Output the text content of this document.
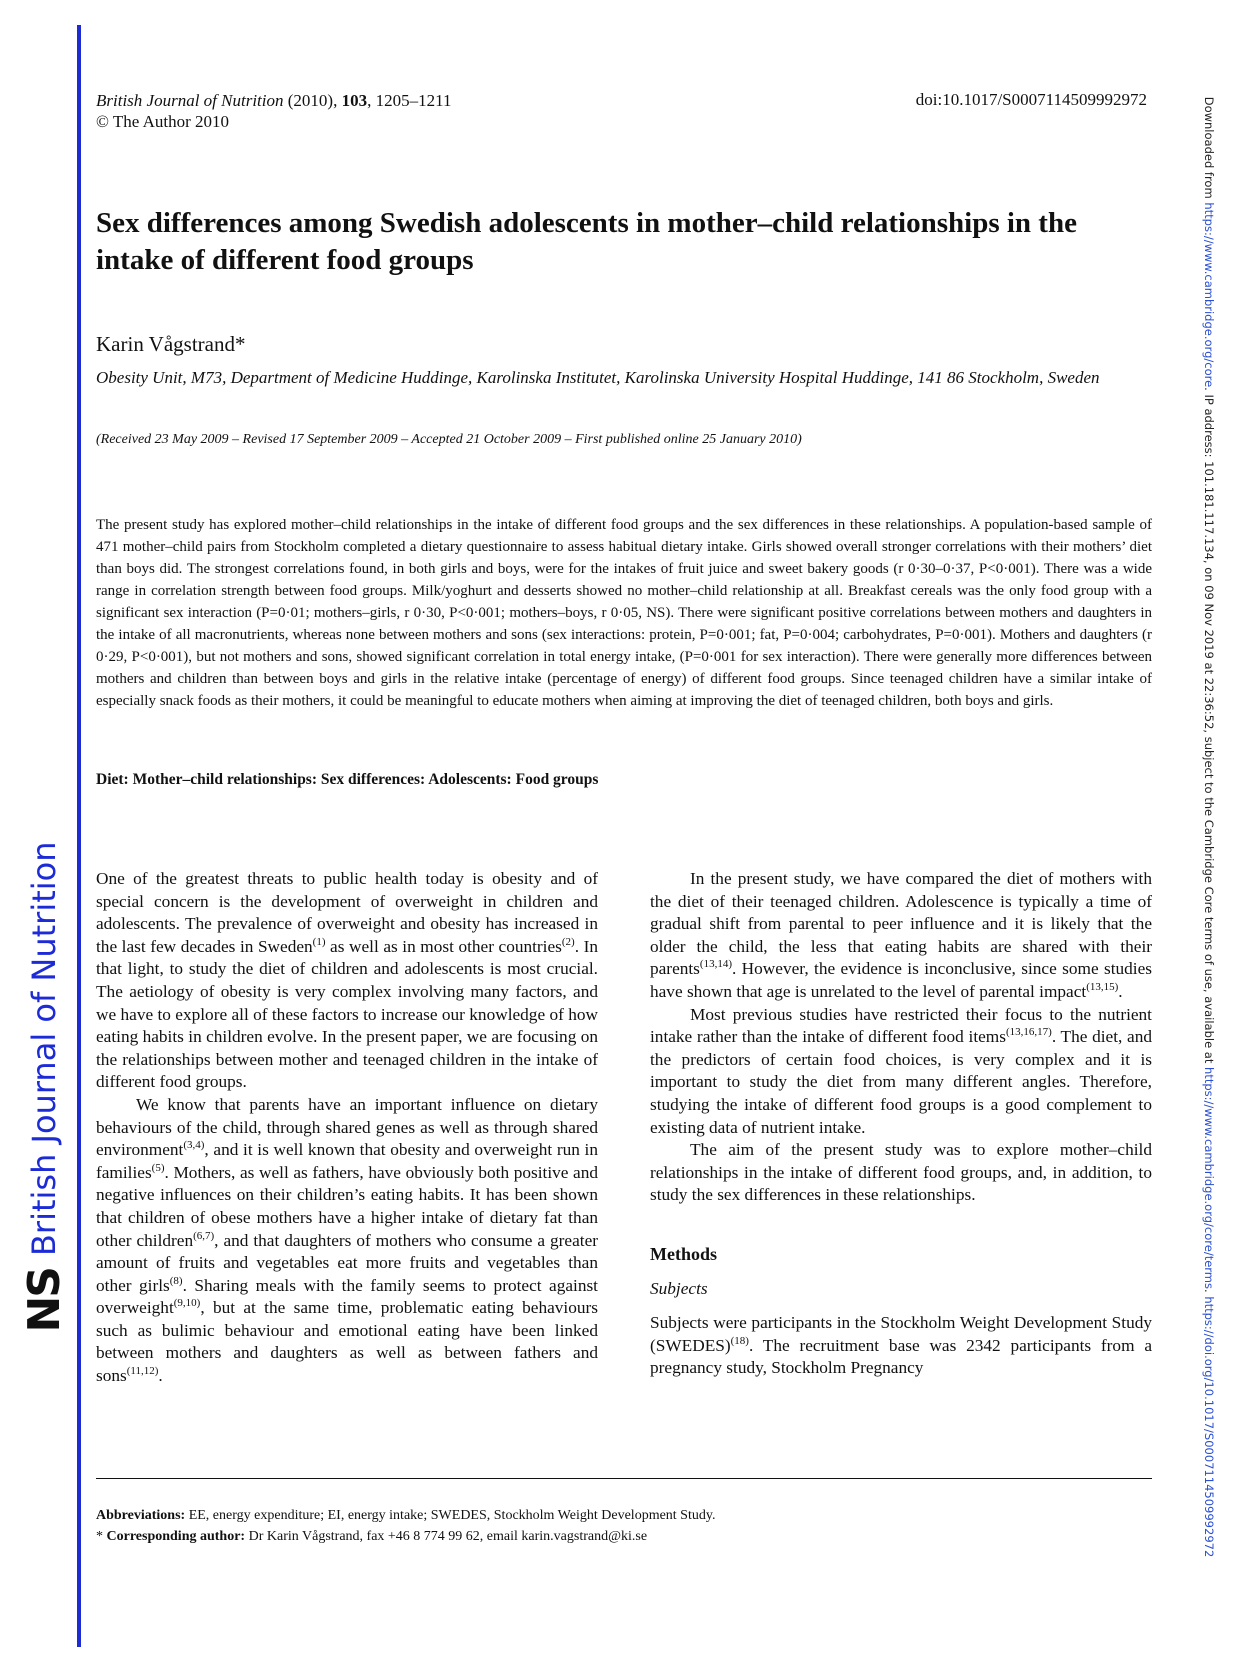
NS
British Journal of Nutrition
Downloaded from https://www.cambridge.org/core. IP address: 101.181.117.134, on 09 Nov 2019 at 22:36:52, subject to the Cambridge Core terms of use, available at https://www.cambridge.org/core/terms. https://doi.org/10.1017/S0007114509992972
British Journal of Nutrition (2010), 103, 1205–1211
© The Author 2010
doi:10.1017/S0007114509992972
Sex differences among Swedish adolescents in mother–child relationships in the intake of different food groups
Karin Vågstrand*
Obesity Unit, M73, Department of Medicine Huddinge, Karolinska Institutet, Karolinska University Hospital Huddinge, 141 86 Stockholm, Sweden
(Received 23 May 2009 – Revised 17 September 2009 – Accepted 21 October 2009 – First published online 25 January 2010)
The present study has explored mother–child relationships in the intake of different food groups and the sex differences in these relationships. A population-based sample of 471 mother–child pairs from Stockholm completed a dietary questionnaire to assess habitual dietary intake. Girls showed overall stronger correlations with their mothers’ diet than boys did. The strongest correlations found, in both girls and boys, were for the intakes of fruit juice and sweet bakery goods (r 0·30–0·37, P<0·001). There was a wide range in correlation strength between food groups. Milk/yoghurt and desserts showed no mother–child relationship at all. Breakfast cereals was the only food group with a significant sex interaction (P=0·01; mothers–girls, r 0·30, P<0·001; mothers–boys, r 0·05, NS). There were significant positive correlations between mothers and daughters in the intake of all macronutrients, whereas none between mothers and sons (sex interactions: protein, P=0·001; fat, P=0·004; carbohydrates, P=0·001). Mothers and daughters (r 0·29, P<0·001), but not mothers and sons, showed significant correlation in total energy intake, (P=0·001 for sex interaction). There were generally more differences between mothers and children than between boys and girls in the relative intake (percentage of energy) of different food groups. Since teenaged children have a similar intake of especially snack foods as their mothers, it could be meaningful to educate mothers when aiming at improving the diet of teenaged children, both boys and girls.
Diet: Mother–child relationships: Sex differences: Adolescents: Food groups

One of the greatest threats to public health today is obesity and of special concern is the development of overweight in children and adolescents. The prevalence of overweight and obesity has increased in the last few decades in Sweden$^{(1)}$ as well as in most other countries$^{(2)}$. In that light, to study the diet of children and adolescents is most crucial. The aetiology of obesity is very complex involving many factors, and we have to explore all of these factors to increase our knowledge of how eating habits in children evolve. In the present paper, we are focusing on the relationships between mother and teenaged children in the intake of different food groups.

We know that parents have an important influence on dietary behaviours of the child, through shared genes as well as through shared environment$^{(3,4)}$, and it is well known that obesity and overweight run in families$^{(5)}$. Mothers, as well as fathers, have obviously both positive and negative influences on their children’s eating habits. It has been shown that children of obese mothers have a higher intake of dietary fat than other children$^{(6,7)}$, and that daughters of mothers who consume a greater amount of fruits and vegetables eat more fruits and vegetables than other girls$^{(8)}$. Sharing meals with the family seems to protect against overweight$^{(9,10)}$, but at the same time, problematic eating behaviours such as bulimic behaviour and emotional eating have been linked between mothers and daughters as well as between fathers and sons$^{(11,12)}$.

In the present study, we have compared the diet of mothers with the diet of their teenaged children. Adolescence is typically a time of gradual shift from parental to peer influence and it is likely that the older the child, the less that eating habits are shared with their parents$^{(13,14)}$. However, the evidence is inconclusive, since some studies have shown that age is unrelated to the level of parental impact$^{(13,15)}$.

Most previous studies have restricted their focus to the nutrient intake rather than the intake of different food items$^{(13,16,17)}$. The diet, and the predictors of certain food choices, is very complex and it is important to study the diet from many different angles. Therefore, studying the intake of different food groups is a good complement to existing data of nutrient intake.

The aim of the present study was to explore mother–child relationships in the intake of different food groups, and, in addition, to study the sex differences in these relationships.

Methods

Subjects

Subjects were participants in the Stockholm Weight Development Study (SWEDES)$^{(18)}$. The recruitment base was 2342 participants from a pregnancy study, Stockholm Pregnancy

Abbreviations: EE, energy expenditure; EI, energy intake; SWEDES, Stockholm Weight Development Study.
* Corresponding author: Dr Karin Vågstrand, fax +46 8 774 99 62, email karin.vagstrand@ki.se
